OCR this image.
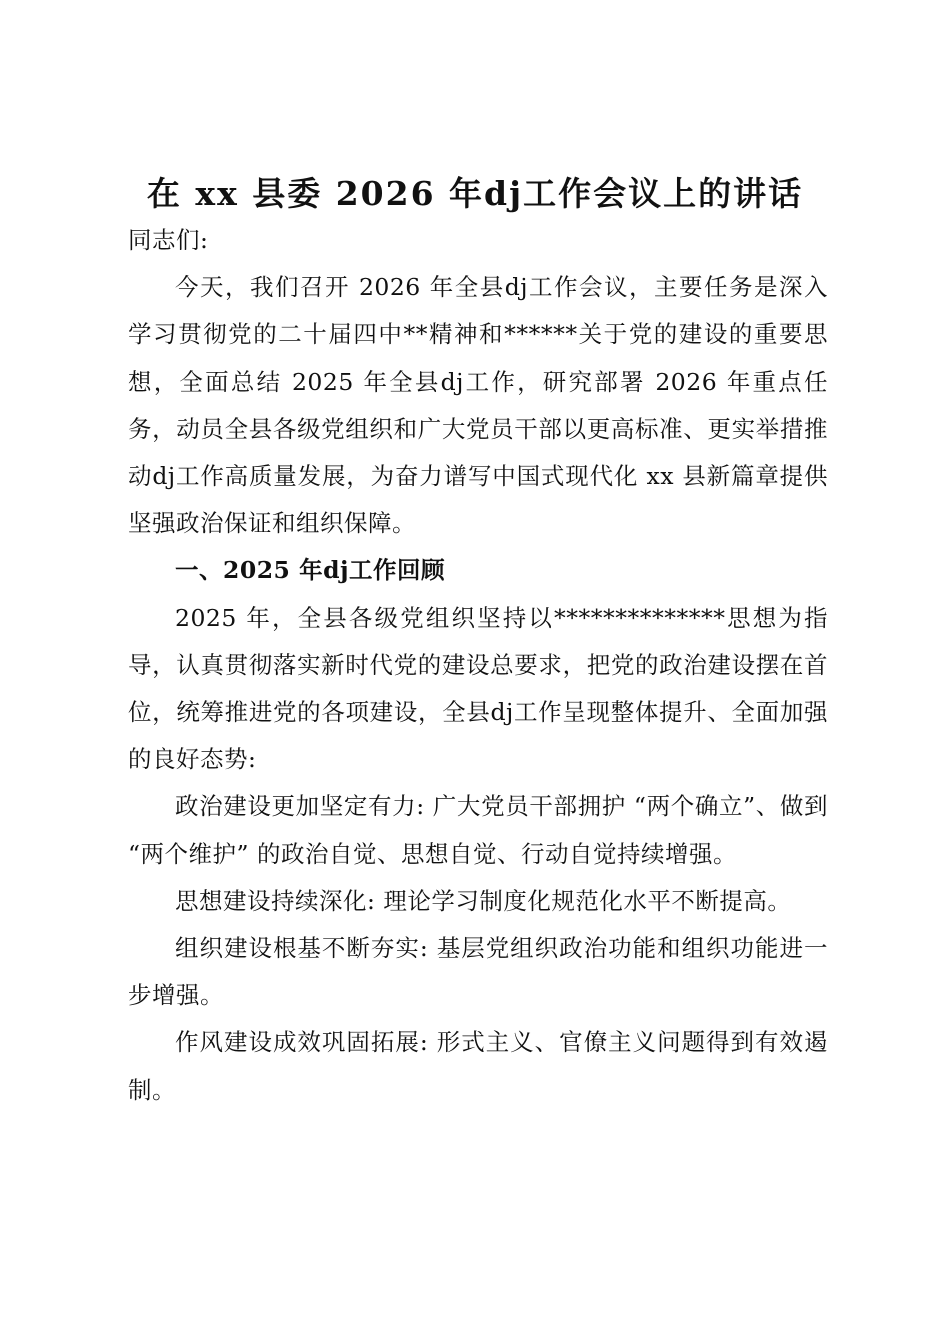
在 xx 县委 2026 年dj工作会议上的讲话

同志们:

今天，我们召开 2026 年全县dj工作会议，主要任务是深入学习贯彻党的二十届四中**精神和******关于党的建设的重要思想，全面总结 2025 年全县dj工作，研究部署 2026 年重点任务，动员全县各级党组织和广大党员干部以更高标准、更实举措推动dj工作高质量发展，为奋力谱写中国式现代化 xx 县新篇章提供坚强政治保证和组织保障。

一、2025 年dj工作回顾

2025 年，全县各级党组织坚持以**************思想为指导，认真贯彻落实新时代党的建设总要求，把党的政治建设摆在首位，统筹推进党的各项建设，全县dj工作呈现整体提升、全面加强的良好态势:

政治建设更加坚定有力: 广大党员干部拥护 “两个确立”、做到 “两个维护” 的政治自觉、思想自觉、行动自觉持续增强。

思想建设持续深化: 理论学习制度化规范化水平不断提高。

组织建设根基不断夯实: 基层党组织政治功能和组织功能进一步增强。

作风建设成效巩固拓展: 形式主义、官僚主义问题得到有效遏制。
